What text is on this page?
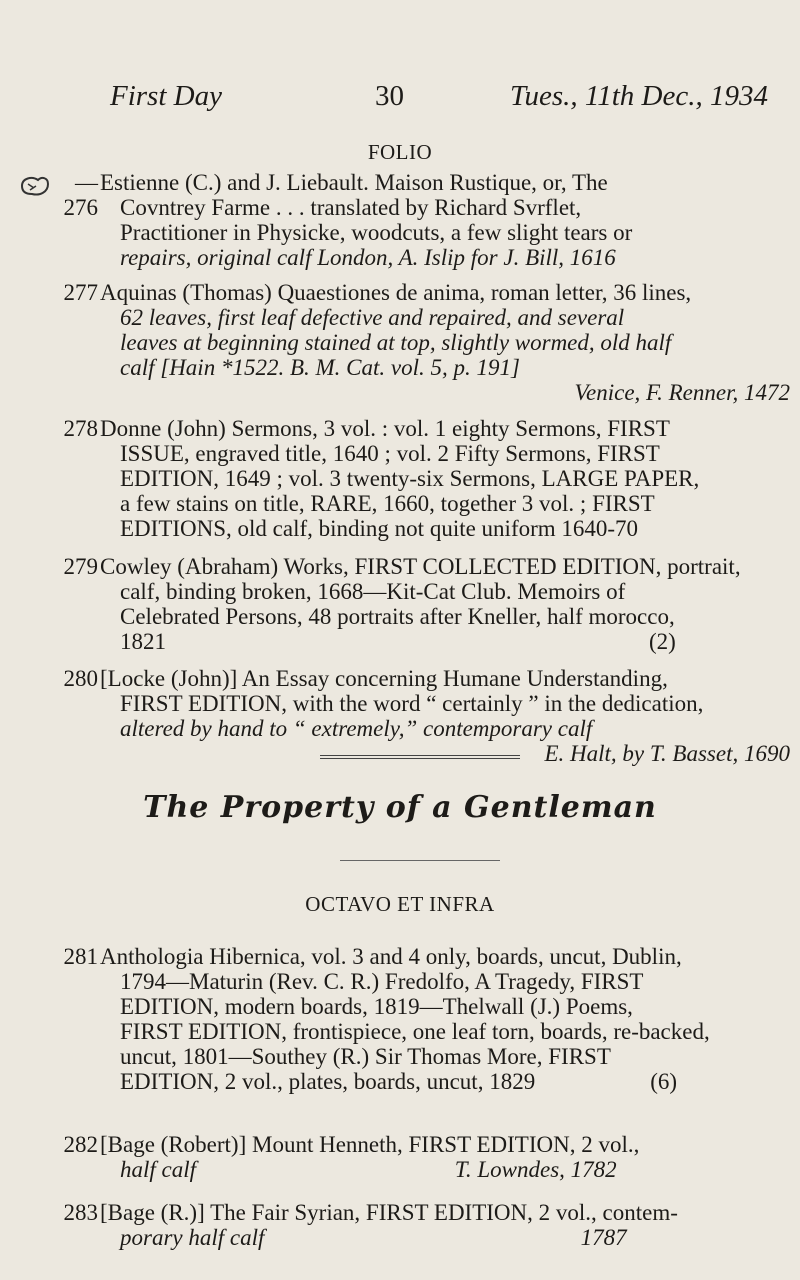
First Day	30	Tues., 11th Dec., 1934
FOLIO
—276
Estienne (C.) and J. Liebault. Maison Rustique, or, The
Covntrey Farme . . . translated by Richard Svrflet,
Practitioner in Physicke, woodcuts, a few slight tears or
repairs, original calf London, A. Islip for J. Bill, 1616
277 Aquinas (Thomas) Quaestiones de anima, roman letter, 36 lines,
62 leaves, first leaf defective and repaired, and several
leaves at beginning stained at top, slightly wormed, old half
calf [Hain *1522. B. M. Cat. vol. 5, p. 191]
Venice, F. Renner, 1472
278 Donne (John) Sermons, 3 vol. : vol. 1 eighty Sermons, FIRST
ISSUE, engraved title, 1640 ; vol. 2 Fifty Sermons, FIRST
EDITION, 1649 ; vol. 3 twenty-six Sermons, LARGE PAPER,
a few stains on title, RARE, 1660, together 3 vol. ; FIRST
EDITIONS, old calf, binding not quite uniform 1640-70
279 Cowley (Abraham) Works, FIRST COLLECTED EDITION, portrait,
calf, binding broken, 1668—Kit-Cat Club. Memoirs of
Celebrated Persons, 48 portraits after Kneller, half morocco,
1821                                                                                    (2)
280 [Locke (John)] An Essay concerning Humane Understanding,
FIRST EDITION, with the word “ certainly ” in the dedication,
altered by hand to “ extremely,” contemporary calf
E. Halt, by T. Basset, 1690
The Property of a Gentleman
OCTAVO ET INFRA
281 Anthologia Hibernica, vol. 3 and 4 only, boards, uncut, Dublin,
1794—Maturin (Rev. C. R.) Fredolfo, A Tragedy, FIRST
EDITION, modern boards, 1819—Thelwall (J.) Poems,
FIRST EDITION, frontispiece, one leaf torn, boards, re-backed,
uncut, 1801—Southey (R.) Sir Thomas More, FIRST
EDITION, 2 vol., plates, boards, uncut, 1829                    (6)
282 [Bage (Robert)] Mount Henneth, FIRST EDITION, 2 vol.,
half calf                                             T. Lowndes, 1782
283 [Bage (R.)] The Fair Syrian, FIRST EDITION, 2 vol., contem-
porary half calf                                                       1787
